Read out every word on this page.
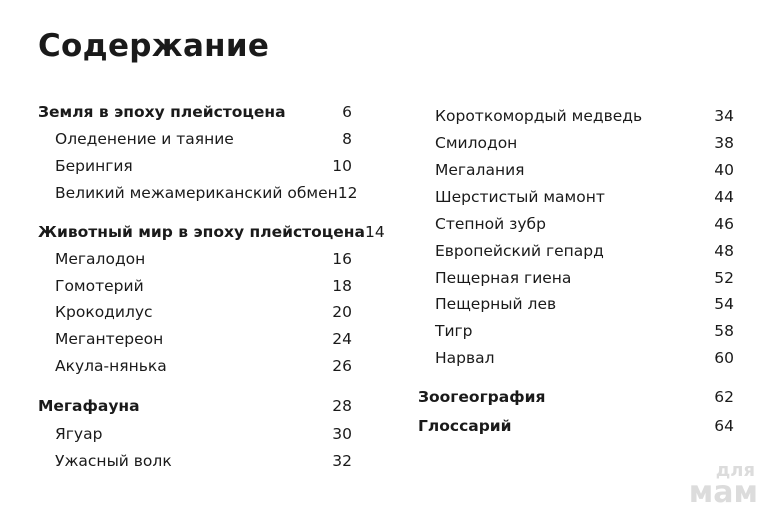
Содержание
Земля в эпоху плейстоцена	6
Оледенение и таяние	8
Берингия	10
Великий межамериканский обмен 12
Животный мир в эпоху плейстоцена 14
Мегалодон	16
Гомотерий	18
Крокодилус	20
Мегантереон	24
Акула-нянька	26
Мегафауна	28
Ягуар	30
Ужасный волк	32
Короткомордый медведь	34
Смилодон	38
Мегалания	40
Шерстистый мамонт	44
Степной зубр	46
Европейский гепард	48
Пещерная гиена	52
Пещерный лев	54
Тигр	58
Нарвал	60
Зоогеография	62
Глоссарий	64
для
мам
